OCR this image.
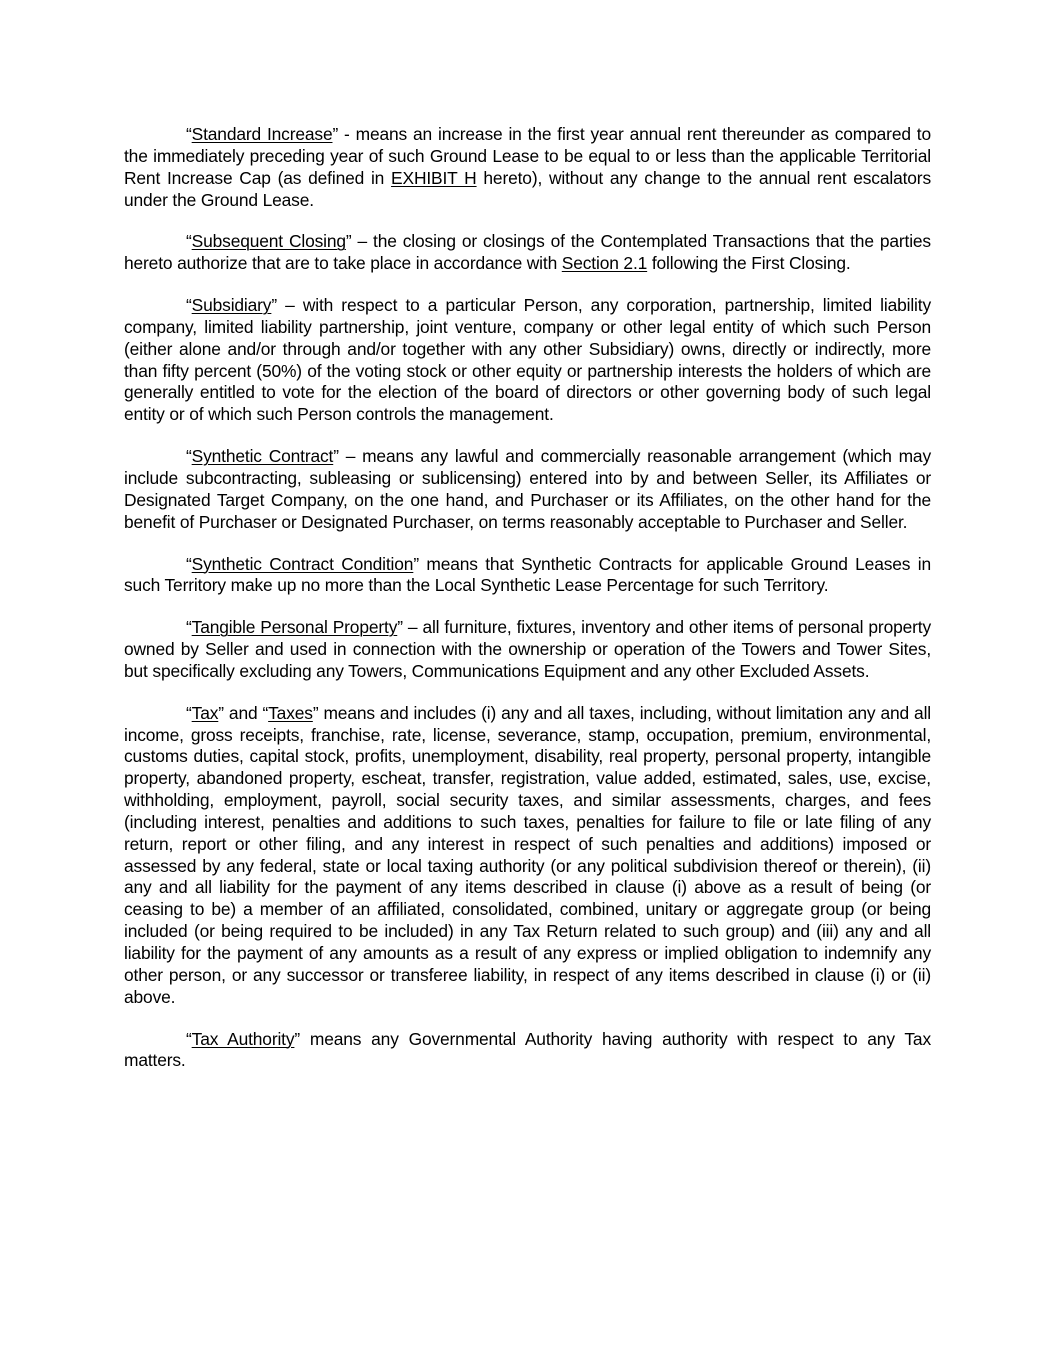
“Standard Increase” - means an increase in the first year annual rent thereunder as compared to the immediately preceding year of such Ground Lease to be equal to or less than the applicable Territorial Rent Increase Cap (as defined in EXHIBIT H hereto), without any change to the annual rent escalators under the Ground Lease.

“Subsequent Closing” – the closing or closings of the Contemplated Transactions that the parties hereto authorize that are to take place in accordance with Section 2.1 following the First Closing.

“Subsidiary” – with respect to a particular Person, any corporation, partnership, limited liability company, limited liability partnership, joint venture, company or other legal entity of which such Person (either alone and/or through and/or together with any other Subsidiary) owns, directly or indirectly, more than fifty percent (50%) of the voting stock or other equity or partnership interests the holders of which are generally entitled to vote for the election of the board of directors or other governing body of such legal entity or of which such Person controls the management.

“Synthetic Contract” – means any lawful and commercially reasonable arrangement (which may include subcontracting, subleasing or sublicensing) entered into by and between Seller, its Affiliates or Designated Target Company, on the one hand, and Purchaser or its Affiliates, on the other hand for the benefit of Purchaser or Designated Purchaser, on terms reasonably acceptable to Purchaser and Seller.

“Synthetic Contract Condition” means that Synthetic Contracts for applicable Ground Leases in such Territory make up no more than the Local Synthetic Lease Percentage for such Territory.

“Tangible Personal Property” – all furniture, fixtures, inventory and other items of personal property owned by Seller and used in connection with the ownership or operation of the Towers and Tower Sites, but specifically excluding any Towers, Communications Equipment and any other Excluded Assets.

“Tax” and “Taxes” means and includes (i) any and all taxes, including, without limitation any and all income, gross receipts, franchise, rate, license, severance, stamp, occupation, premium, environmental, customs duties, capital stock, profits, unemployment, disability, real property, personal property, intangible property, abandoned property, escheat, transfer, registration, value added, estimated, sales, use, excise, withholding, employment, payroll, social security taxes, and similar assessments, charges, and fees (including interest, penalties and additions to such taxes, penalties for failure to file or late filing of any return, report or other filing, and any interest in respect of such penalties and additions) imposed or assessed by any federal, state or local taxing authority (or any political subdivision thereof or therein), (ii) any and all liability for the payment of any items described in clause (i) above as a result of being (or ceasing to be) a member of an affiliated, consolidated, combined, unitary or aggregate group (or being included (or being required to be included) in any Tax Return related to such group) and (iii) any and all liability for the payment of any amounts as a result of any express or implied obligation to indemnify any other person, or any successor or transferee liability, in respect of any items described in clause (i) or (ii) above.

“Tax Authority” means any Governmental Authority having authority with respect to any Tax matters.
